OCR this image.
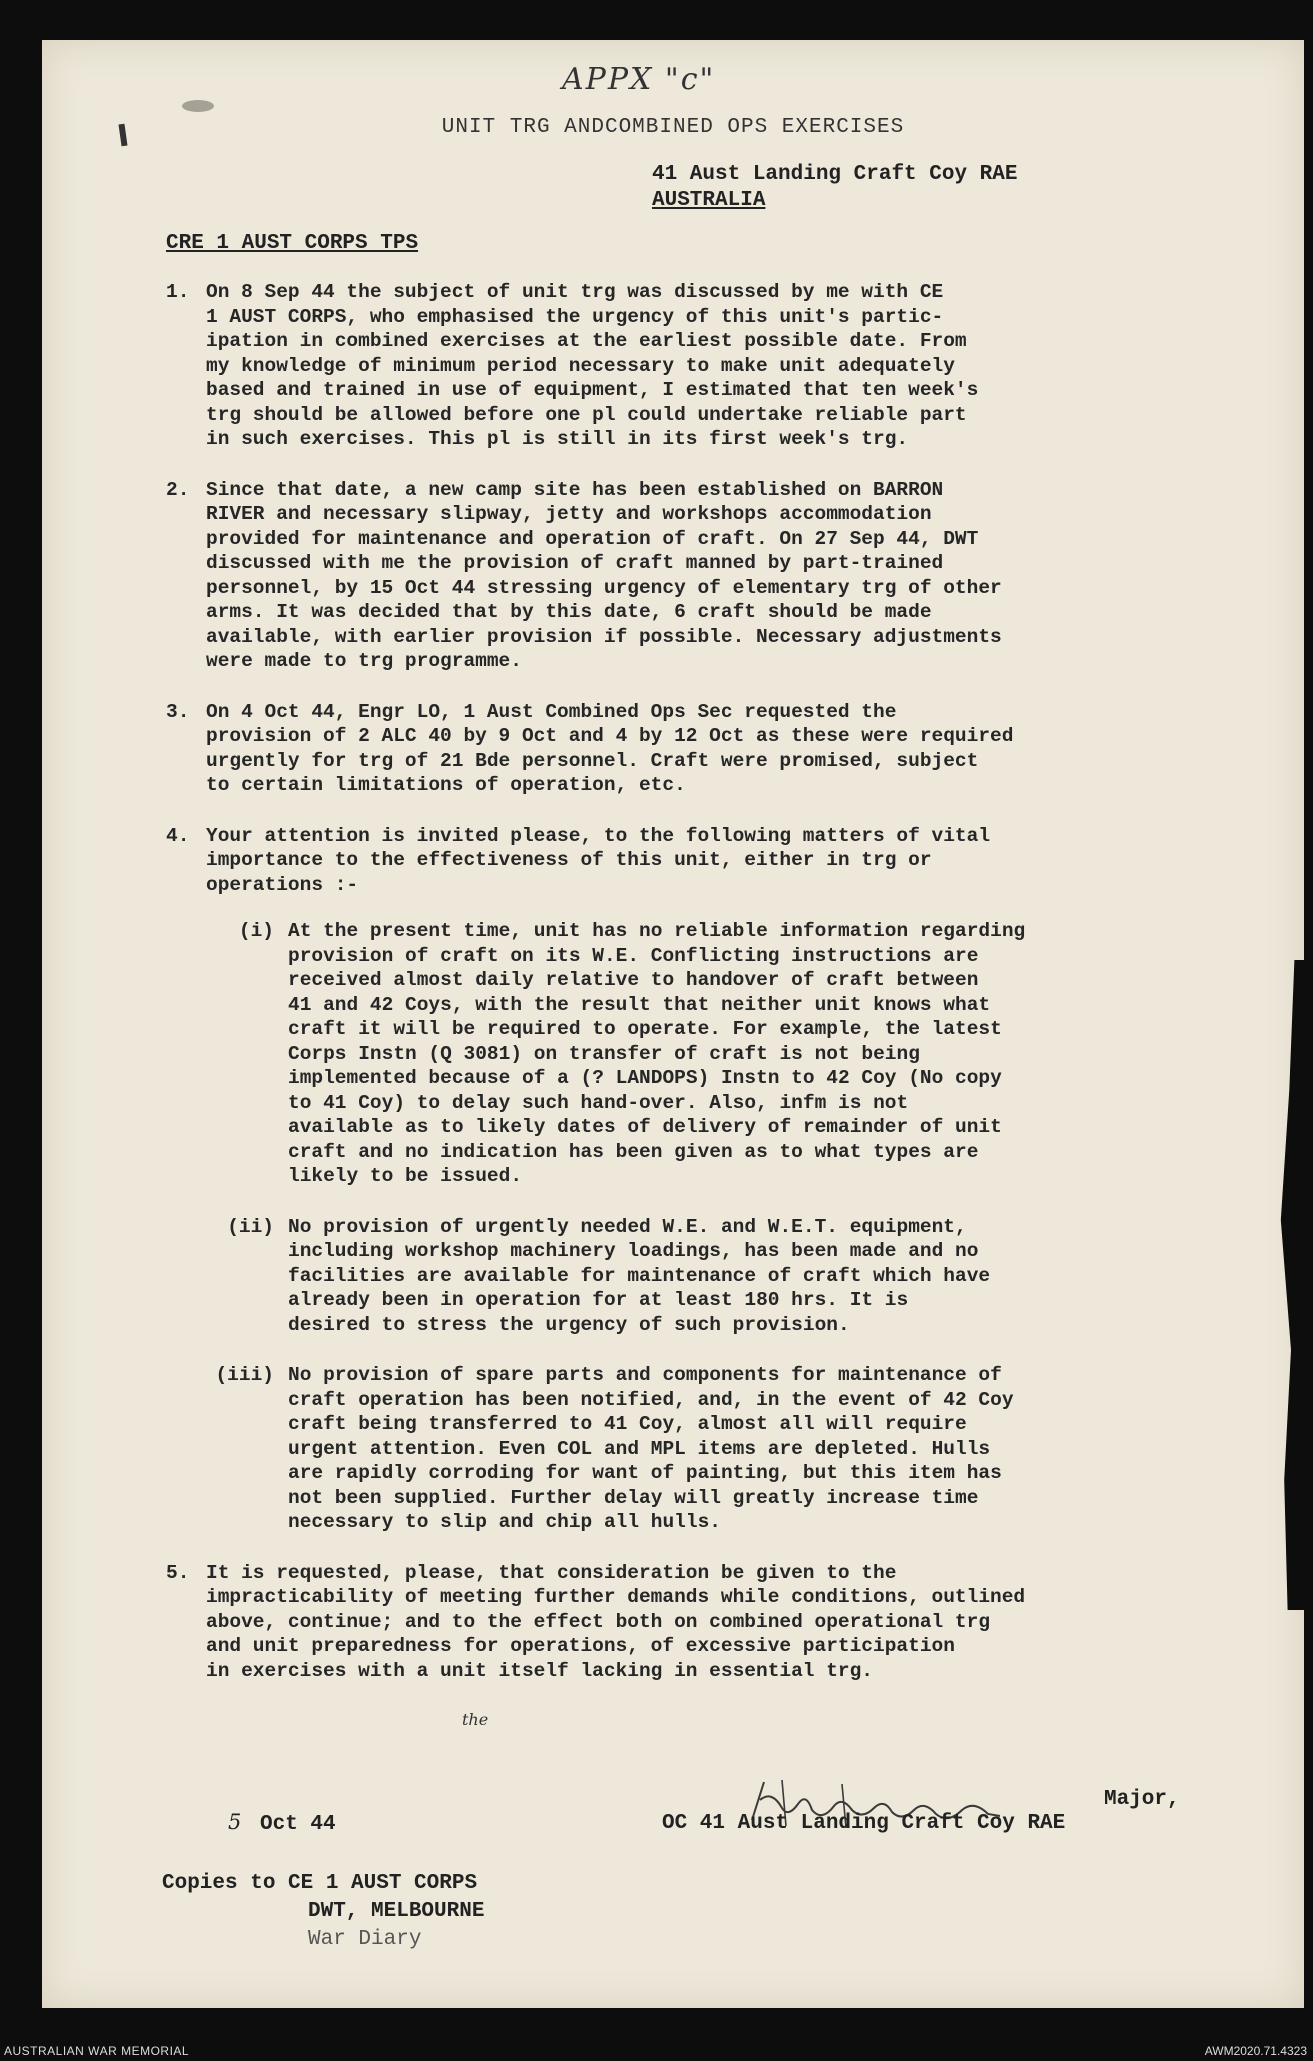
APPX "c"
UNIT TRG ANDCOMBINED OPS EXERCISES
41 Aust Landing Craft Coy RAE
AUSTRALIA
CRE 1 AUST CORPS TPS
1. On 8 Sep 44 the subject of unit trg was discussed by me with CE
1 AUST CORPS, who emphasised the urgency of this unit's partic-
ipation in combined exercises at the earliest possible date. From
my knowledge of minimum period necessary to make unit adequately
based and trained in use of equipment, I estimated that ten week's
trg should be allowed before one pl could undertake reliable part
in such exercises. This pl is still in its first week's trg.
2. Since that date, a new camp site has been established on BARRON
RIVER and necessary slipway, jetty and workshops accommodation
provided for maintenance and operation of craft. On 27 Sep 44, DWT
discussed with me the provision of craft manned by part-trained
personnel, by 15 Oct 44 stressing urgency of elementary trg of other
arms. It was decided that by this date, 6 craft should be made
available, with earlier provision if possible. Necessary adjustments
were made to trg programme.
3. On 4 Oct 44, Engr LO, 1 Aust Combined Ops Sec requested the
provision of 2 ALC 40 by 9 Oct and 4 by 12 Oct as these were required
urgently for trg of 21 Bde personnel. Craft were promised, subject
to certain limitations of operation, etc.
4. Your attention is invited please, to the following matters of vital
importance to the effectiveness of this unit, either in trg or
operations :-
(i) At the present time, unit has no reliable information regarding
provision of craft on its W.E. Conflicting instructions are
received almost daily relative to handover of craft between
41 and 42 Coys, with the result that neither unit knows what
craft it will be required to operate. For example, the latest
Corps Instn (Q 3081) on transfer of craft is not being
implemented because of a (? LANDOPS) Instn to 42 Coy (No copy
to 41 Coy) to delay such hand-over. Also, infm is not
available as to likely dates of delivery of remainder of unit
craft and no indication has been given as to what types are
likely to be issued.
(ii) No provision of urgently needed W.E. and W.E.T. equipment,
including workshop machinery loadings, has been made and no
facilities are available for maintenance of craft which have
already been in operation for at least 180 hrs. It is
desired to stress the urgency of such provision.
(iii) No provision of spare parts and components for maintenance of
craft operation has been notified, and, in the event of 42 Coy
craft being transferred to 41 Coy, almost all will require
urgent attention. Even COL and MPL items are depleted. Hulls
are rapidly corroding for want of painting, but this item has
not been supplied. Further delay will greatly increase time
necessary to slip and chip all hulls.
5. It is requested, please, that consideration be given to the
impracticability of meeting further demands while conditions, outlined
above, continue; and to the effect both on combined operational trg
and unit preparedness for operations, of excessive participation
in exercises with a unit itself lacking in essential trg.
the
5 Oct 44
Major,
OC 41 Aust Landing Craft Coy RAE
Copies to CE 1 AUST CORPS
DWT, MELBOURNE
War Diary
AUSTRALIAN WAR MEMORIAL	AWM2020.71.4323
